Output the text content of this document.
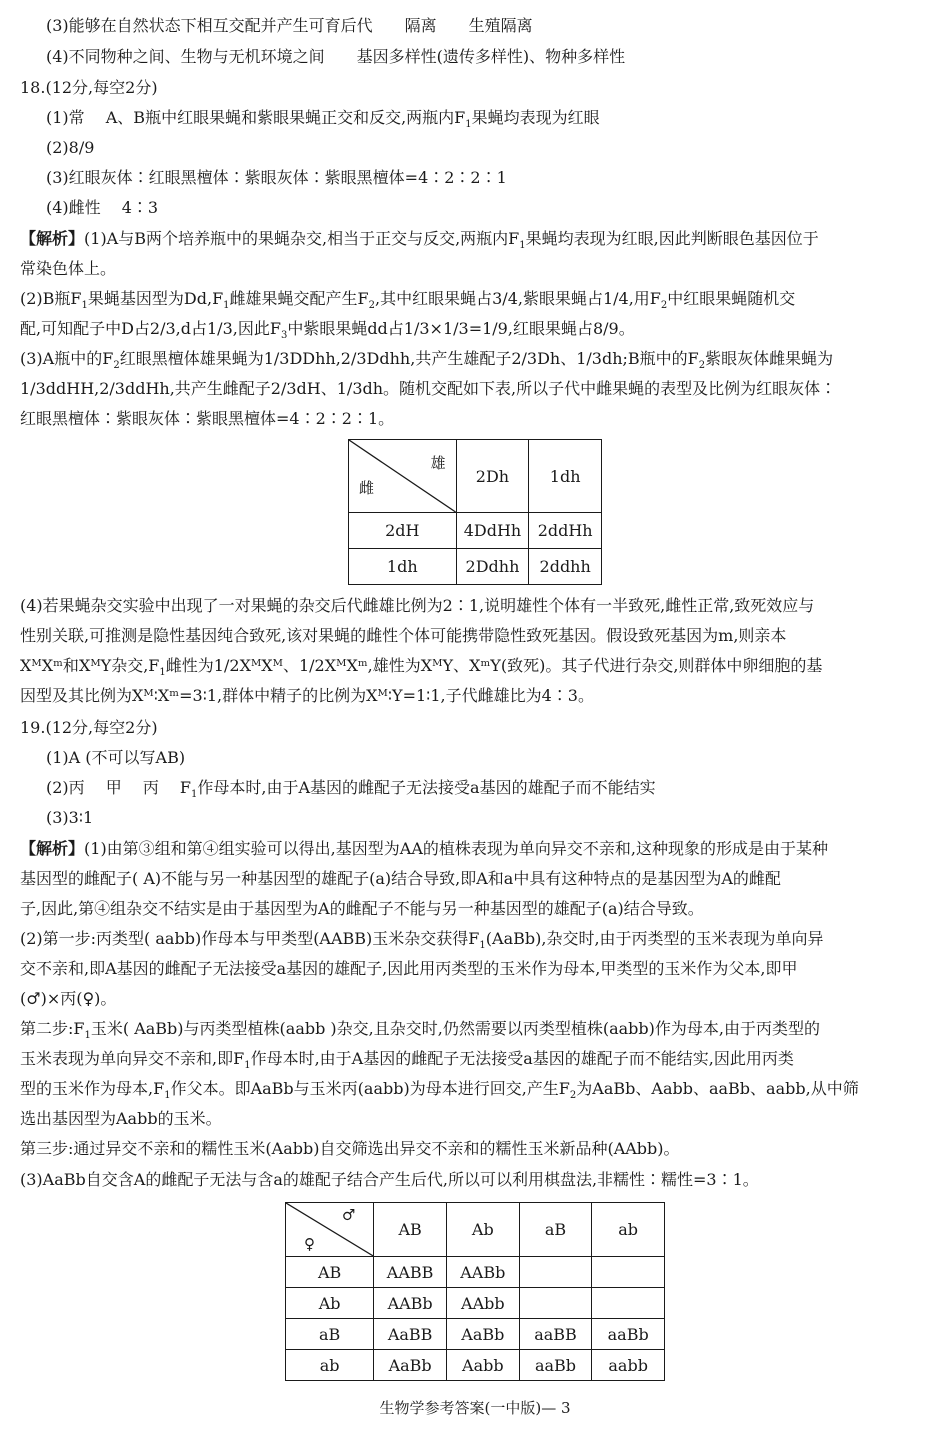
(3)能够在自然状态下相互交配并产生可育后代　　隔离　　生殖隔离
(4)不同物种之间、生物与无机环境之间　　基因多样性(遗传多样性)、物种多样性
18.(12分,每空2分)
(1)常　 A、B瓶中红眼果蝇和紫眼果蝇正交和反交,两瓶内$F_1$果蝇均表现为红眼
(2)8/9
(3)红眼灰体∶红眼黑檀体∶紫眼灰体∶紫眼黑檀体=4∶2∶2∶1
(4)雌性　 4∶3
【解析】(1)A与B两个培养瓶中的果蝇杂交,相当于正交与反交,两瓶内$F_1$果蝇均表现为红眼,因此判断眼色基因位于
常染色体上。
(2)B瓶$F_1$果蝇基因型为$Dd,F_1$雌雄果蝇交配产生$F_2$,其中红眼果蝇占3/4,紫眼果蝇占1/4,用$F_2$中红眼果蝇随机交
配,可知配子中D占2/3,d占1/3,因此$F_3$中紫眼果蝇dd占1/3×1/3=1/9,红眼果蝇占8/9。
(3)A瓶中的$F_2$红眼黑檀体雄果蝇为1/3DDhh,2/3Ddhh,共产生雄配子2/3Dh、1/3dh;B瓶中的$F_2$紫眼灰体雌果蝇为
1/3ddHH,2/3ddHh,共产生雌配子2/3dH、1/3dh。随机交配如下表,所以子代中雌果蝇的表型及比例为红眼灰体∶
红眼黑檀体∶紫眼灰体∶紫眼黑檀体=4∶2∶2∶1。
雄
雌	2Dh	1dh
2dH	4DdHh	2ddHh
1dh	2Ddhh	2ddhh
(4)若果蝇杂交实验中出现了一对果蝇的杂交后代雌雄比例为2∶1,说明雄性个体有一半致死,雌性正常,致死效应与
性别关联,可推测是隐性基因纯合致死,该对果蝇的雌性个体可能携带隐性致死基因。假设致死基因为m,则亲本
XᴹXᵐ和XᴹY杂交$,F_1$雌性为1/2XᴹXᴹ、1/2XᴹXᵐ,雄性为XᴹY、XᵐY(致死)。其子代进行杂交,则群体中卵细胞的基
因型及其比例为Xᴹ∶Xᵐ=3∶1,群体中精子的比例为Xᴹ∶Y=1∶1,子代雌雄比为4∶3。
19.(12分,每空2分)
(1)A (不可以写AB)
(2)丙　 甲　 丙　 $F_1$作母本时,由于A基因的雌配子无法接受a基因的雄配子而不能结实
(3)3∶1
【解析】(1)由第③组和第④组实验可以得出,基因型为AA的植株表现为单向异交不亲和,这种现象的形成是由于某种
基因型的雌配子( A)不能与另一种基因型的雄配子(a)结合导致,即A和a中具有这种特点的是基因型为A的雌配
子,因此,第④组杂交不结实是由于基因型为A的雌配子不能与另一种基因型的雄配子(a)结合导致。
(2)第一步:丙类型( aabb)作母本与甲类型(AABB)玉米杂交获得$F_1(AaBb)$,杂交时,由于丙类型的玉米表现为单向异
交不亲和,即A基因的雌配子无法接受a基因的雄配子,因此用丙类型的玉米作为母本,甲类型的玉米作为父本,即甲
(♂)×丙(♀)。
第二步$:F_1$玉米( AaBb)与丙类型植株(aabb )杂交,且杂交时,仍然需要以丙类型植株(aabb)作为母本,由于丙类型的
玉米表现为单向异交不亲和,即$F_1$作母本时,由于A基因的雌配子无法接受a基因的雄配子而不能结实,因此用丙类
型的玉米作为母本$,F_1$作父本。即AaBb与玉米丙(aabb)为母本进行回交,产生$F_2$为AaBb、Aabb、aaBb、aabb,从中筛
选出基因型为Aabb的玉米。
第三步:通过异交不亲和的糯性玉米(Aabb)自交筛选出异交不亲和的糯性玉米新品种(AAbb)。
(3)AaBb自交含A的雌配子无法与含a的雄配子结合产生后代,所以可以利用棋盘法,非糯性∶糯性=3∶1。
♂
♀	AB	Ab	aB	ab
AB	AABB	AABb		
Ab	AABb	AAbb		
aB	AaBB	AaBb	aaBB	aaBb
ab	AaBb	Aabb	aaBb	aabb
生物学参考答案(一中版)— 3
